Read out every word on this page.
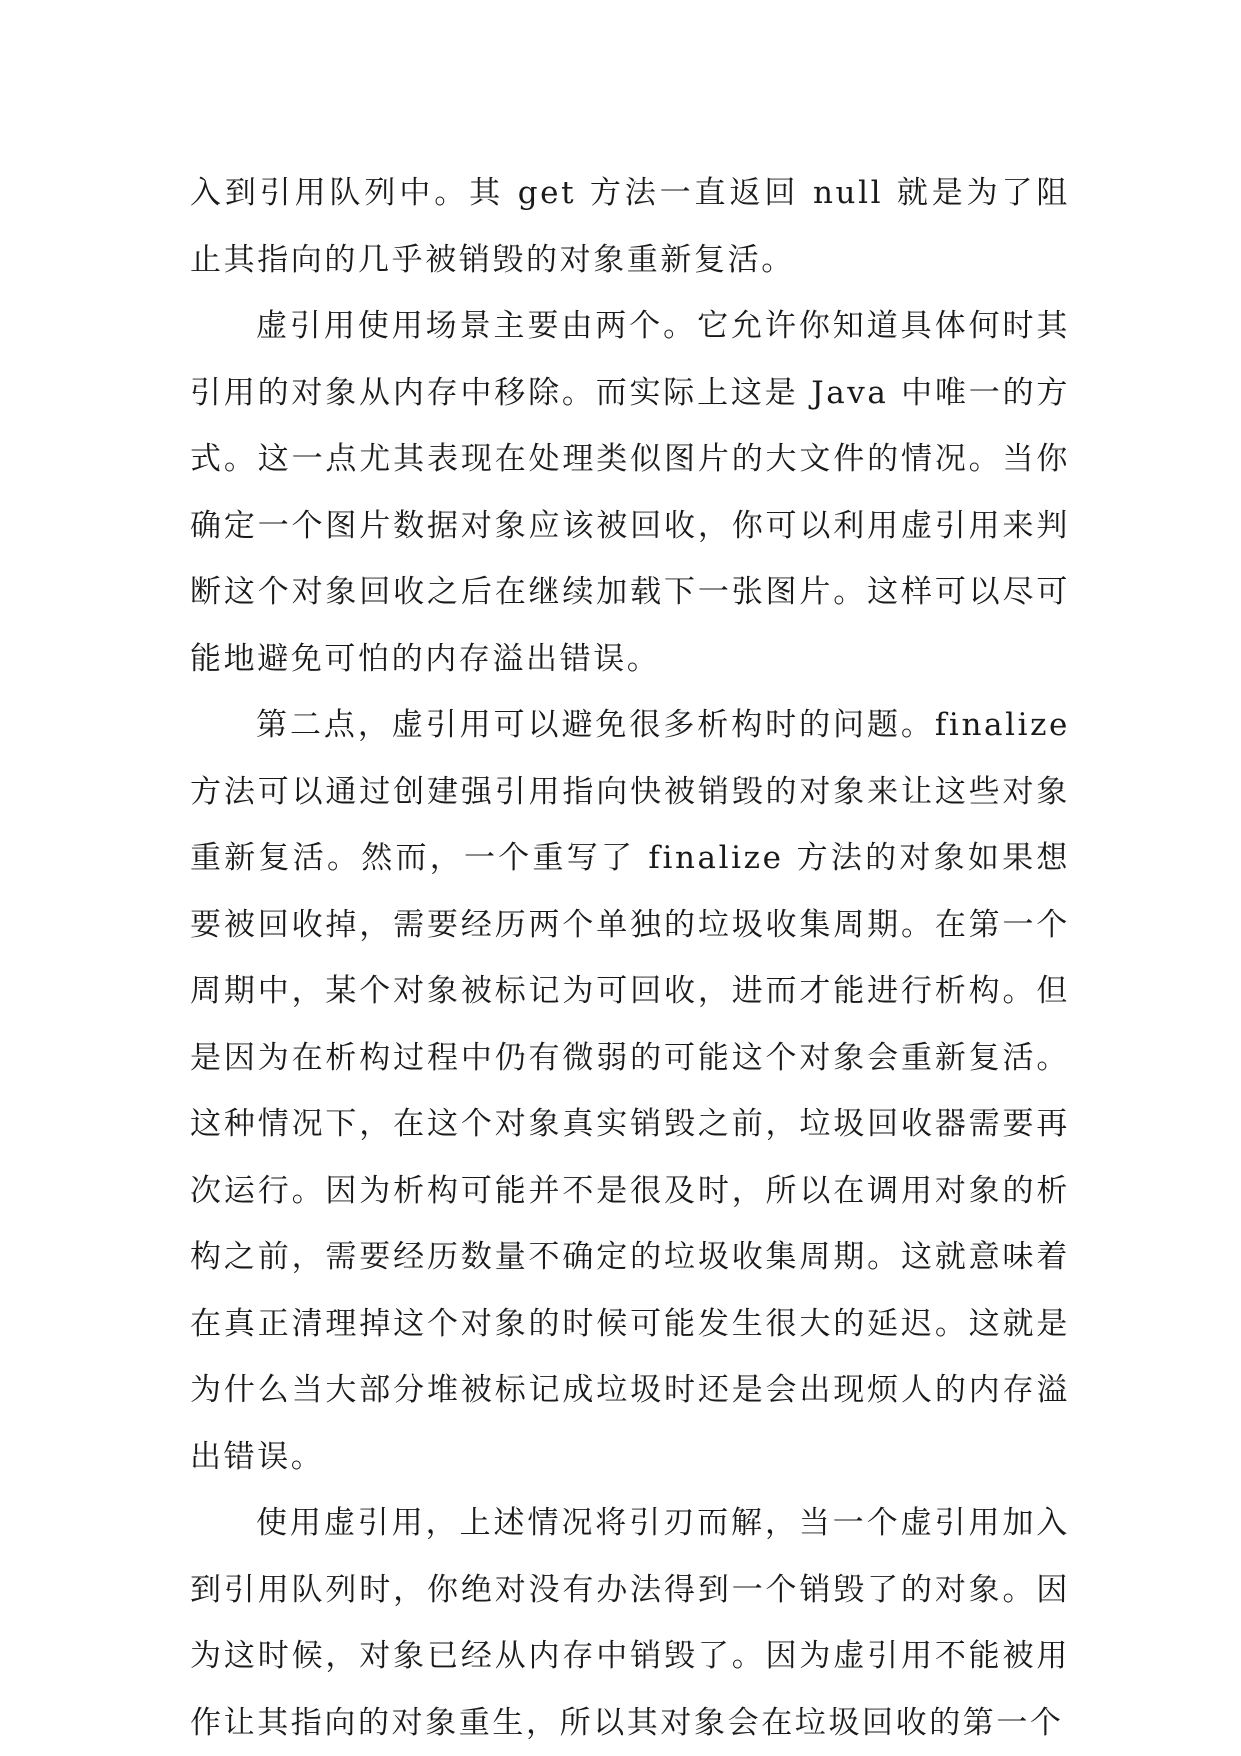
入到引用队列中。其 get 方法一直返回 null 就是为了阻止其指向的几乎被销毁的对象重新复活。

虚引用使用场景主要由两个。它允许你知道具体何时其引用的对象从内存中移除。而实际上这是 Java 中唯一的方式。这一点尤其表现在处理类似图片的大文件的情况。当你确定一个图片数据对象应该被回收，你可以利用虚引用来判断这个对象回收之后在继续加载下一张图片。这样可以尽可能地避免可怕的内存溢出错误。

第二点，虚引用可以避免很多析构时的问题。finalize 方法可以通过创建强引用指向快被销毁的对象来让这些对象重新复活。然而，一个重写了 finalize 方法的对象如果想要被回收掉，需要经历两个单独的垃圾收集周期。在第一个周期中，某个对象被标记为可回收，进而才能进行析构。但是因为在析构过程中仍有微弱的可能这个对象会重新复活。这种情况下，在这个对象真实销毁之前，垃圾回收器需要再次运行。因为析构可能并不是很及时，所以在调用对象的析构之前，需要经历数量不确定的垃圾收集周期。这就意味着在真正清理掉这个对象的时候可能发生很大的延迟。这就是为什么当大部分堆被标记成垃圾时还是会出现烦人的内存溢出错误。

使用虚引用，上述情况将引刃而解，当一个虚引用加入到引用队列时，你绝对没有办法得到一个销毁了的对象。因为这时候，对象已经从内存中销毁了。因为虚引用不能被用作让其指向的对象重生，所以其对象会在垃圾回收的第一个
